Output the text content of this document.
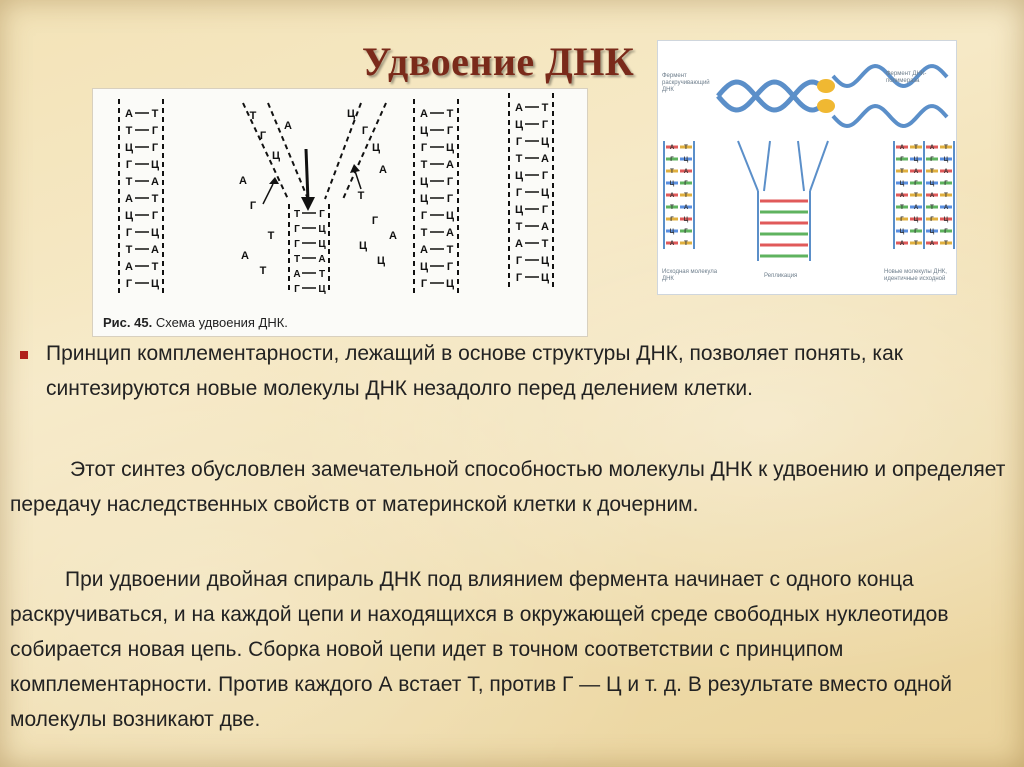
Удвоение ДНК
А Т
Т Г
Ц Г
Г Ц
Т А
А Т
Ц Г
Г Ц
Т А
А Т
Г Ц
А Т
Ц Г
Г Ц
Т А
Ц Г
Ц Г
Г Ц
Т А
А Т
Ц Г
Г Ц
А Т
Ц Г
Г Ц
Т А
Ц Г
Г Ц
Ц Г
Т А
А Т
Г Ц
Г Ц
Т Г
Г Ц
Г Ц
Т А
А Т
Г Ц
Т
Г
Ц
А
Г
Т
А
Ц
Г
Ц
А
Т
Г
Ц
А
Т
А
Ц
Рис. 45. Схема удвоения ДНК.
А Т
Г Ц
Т А
Ц Г
А Т
Т А
Г Ц
Ц Г
А Т
А Т
Г Ц
Т А
Ц Г
А Т
Т А
Г Ц
Ц Г
А Т
А Т
Г Ц
Т А
Ц Г
А Т
Т А
Г Ц
Ц Г
А Т
Фермент раскручивающий ДНК
Фермент ДНК-полимераза
Исходная молекула ДНК	Репликация
Новые молекулы ДНК, идентичные исходной
Принцип комплементарности, лежащий в основе структуры ДНК, позволяет понять, как синтезируются новые молекулы ДНК незадолго перед делением клетки.
Этот синтез обусловлен замечательной способностью молекулы ДНК к удвоению и определяет передачу наследственных свойств от материнской клетки к дочерним.
При удвоении двойная спираль ДНК под влиянием фермента начинает с одного конца раскручиваться, и на каждой цепи и находящихся в окружающей среде свободных нуклеотидов собирается новая цепь. Сборка новой цепи идет в точном соответствии с принципом комплементарности. Против каждого А встает Т, против Г — Ц и т. д. В результате вместо одной молекулы возникают две.
